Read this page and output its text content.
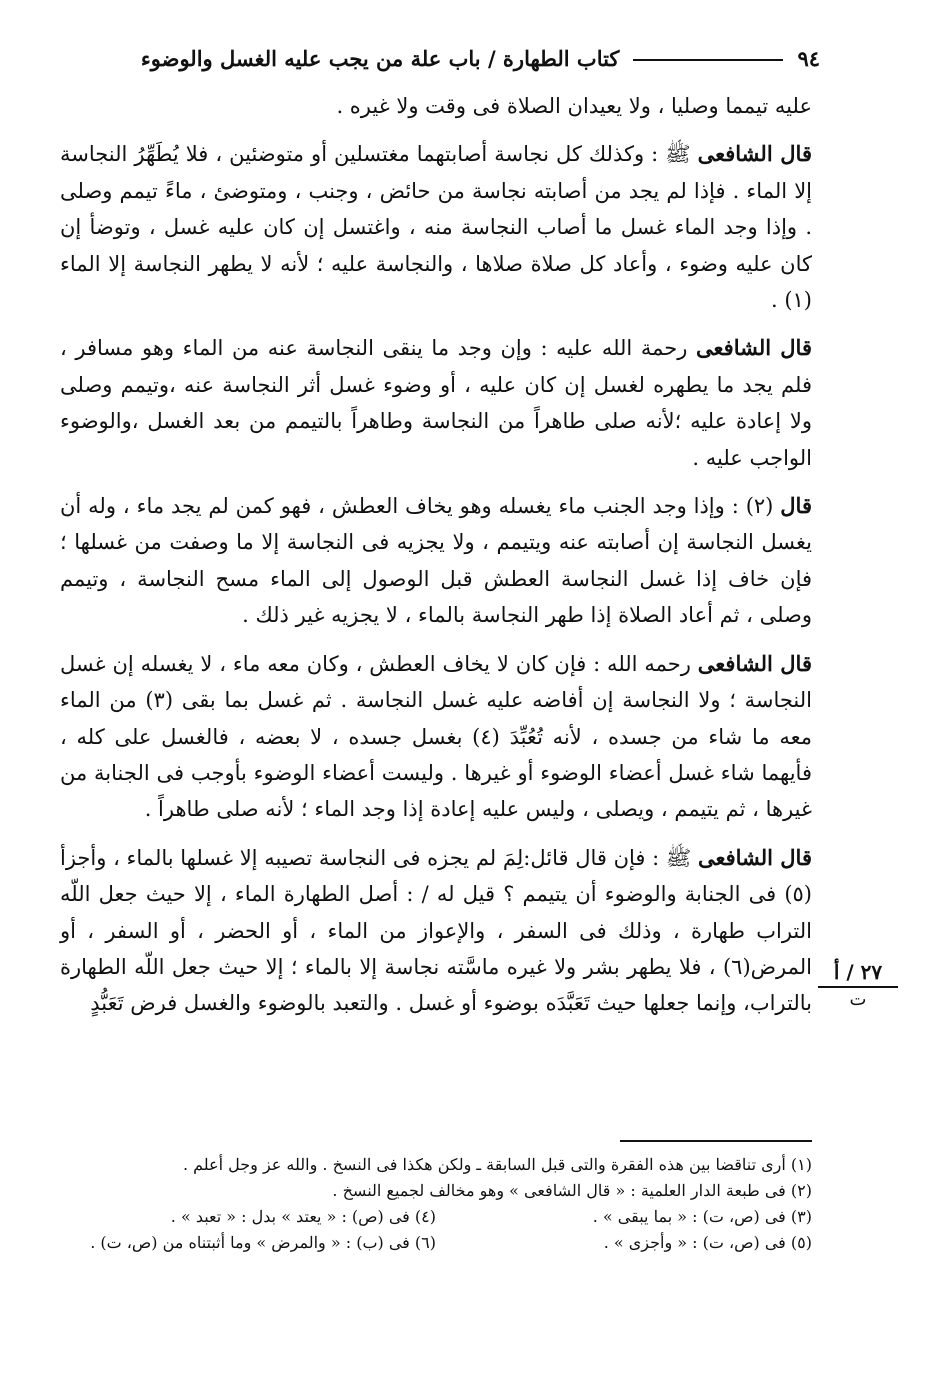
٩٤
كتاب الطهارة / باب علة من يجب عليه الغسل والوضوء

عليه تيمما وصليا ، ولا يعيدان الصلاة فى وقت ولا غيره .

قال الشافعى ﷺ : وكذلك كل نجاسة أصابتهما مغتسلين أو متوضئين ، فلا يُطَهِّرُ النجاسة إلا الماء . فإذا لم يجد من أصابته نجاسة من حائض ، وجنب ، ومتوضئ ، ماءً تيمم وصلى . وإذا وجد الماء غسل ما أصاب النجاسة منه ، واغتسل إن كان عليه غسل ، وتوضأ إن كان عليه وضوء ، وأعاد كل صلاة صلاها ، والنجاسة عليه ؛ لأنه لا يطهر النجاسة إلا الماء (١) .

قال الشافعى رحمة الله عليه : وإن وجد ما ينقى النجاسة عنه من الماء وهو مسافر ، فلم يجد ما يطهره لغسل إن كان عليه ، أو وضوء غسل أثر النجاسة عنه ،وتيمم وصلى ولا إعادة عليه ؛لأنه صلى طاهراً من النجاسة وطاهراً بالتيمم من بعد الغسل ،والوضوء الواجب عليه .

قال (٢) : وإذا وجد الجنب ماء يغسله وهو يخاف العطش ، فهو كمن لم يجد ماء ، وله أن يغسل النجاسة إن أصابته عنه ويتيمم ، ولا يجزيه فى النجاسة إلا ما وصفت من غسلها ؛ فإن خاف إذا غسل النجاسة العطش قبل الوصول إلى الماء مسح النجاسة ، وتيمم وصلى ، ثم أعاد الصلاة إذا طهر النجاسة بالماء ، لا يجزيه غير ذلك .

قال الشافعى رحمه الله : فإن كان لا يخاف العطش ، وكان معه ماء ، لا يغسله إن غسل النجاسة ؛ ولا النجاسة إن أفاضه عليه غسل النجاسة . ثم غسل بما بقى (٣) من الماء معه ما شاء من جسده ، لأنه تُعُبِّدَ (٤) بغسل جسده ، لا بعضه ، فالغسل على كله ، فأيهما شاء غسل أعضاء الوضوء أو غيرها . وليست أعضاء الوضوء بأوجب فى الجنابة من غيرها ، ثم يتيمم ، ويصلى ، وليس عليه إعادة إذا وجد الماء ؛ لأنه صلى طاهراً .

قال الشافعى ﷺ : فإن قال قائل:لِمَ لم يجزه فى النجاسة تصيبه إلا غسلها بالماء ، وأجزأ (٥) فى الجنابة والوضوء أن يتيمم ؟ قيل له / : أصل الطهارة الماء ، إلا حيث جعل اللّه التراب طهارة ، وذلك فى السفر ، والإعواز من الماء ، أو الحضر ، أو السفر ، أو المرض(٦) ، فلا يطهر بشر ولا غيره ماسَّته نجاسة إلا بالماء ؛ إلا حيث جعل اللّه الطهارة بالتراب، وإنما جعلها حيث تَعَبَّدَه بوضوء أو غسل . والتعبد بالوضوء والغسل فرض تَعَبُّدٍ

٢٧ / أ
ت
(١) أرى تناقضا بين هذه الفقرة والتى قبل السابقة ـ ولكن هكذا فى النسخ . والله عز وجل أعلم .
(٢) فى طبعة الدار العلمية : « قال الشافعى » وهو مخالف لجميع النسخ .
(٣) فى (ص، ت) : « بما يبقى » .
(٤) فى (ص) : « يعتد » بدل : « تعبد » .
(٥) فى (ص، ت) : « وأجزى » .
(٦) فى (ب) : « والمرض » وما أثبتناه من (ص، ت) .
